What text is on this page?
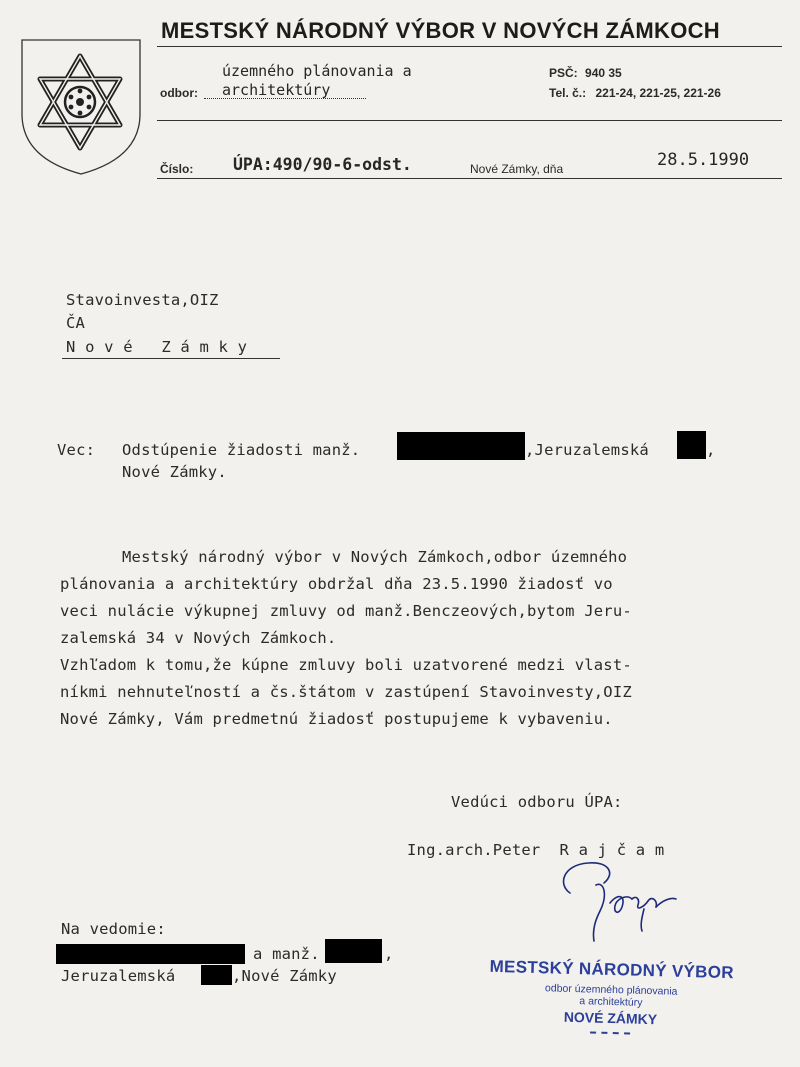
MESTSKÝ NÁRODNÝ VÝBOR V NOVÝCH ZÁMKOCH
územného plánovania a
odbor: architektúry
PSČ: 940 35
Tel. č.: 221-24, 221-25, 221-26
Číslo: ÚPA:490/90-6-odst.	Nové Zámky, dňa	28.5.1990
Stavoinvesta,OIZ
ČA
N o v é   Z á m k y
Vec: Odstúpenie žiadosti manž.	,Jeruzalemská	,
Nové Zámky.
Mestský národný výbor v Nových Zámkoch,odbor územného
plánovania a architektúry obdržal dňa 23.5.1990 žiadosť vo
veci nulácie výkupnej zmluvy od manž.Benczeových,bytom Jeru-
zalemská 34 v Nových Zámkoch.
Vzhľadom k tomu,že kúpne zmluvy boli uzatvorené medzi vlast-
níkmi nehnuteľností a čs.štátom v zastúpení Stavoinvesty,OIZ
Nové Zámky, Vám predmetnú žiadosť postupujeme k vybaveniu.
Vedúci odboru ÚPA:
Ing.arch.Peter  R a j č a m
Na vedomie:
a manž.	,
Jeruzalemská	,Nové Zámky	MESTSKÝ NÁRODNÝ VÝBOR
odbor územného plánovania
a architektúry
NOVÉ ZÁMKY
